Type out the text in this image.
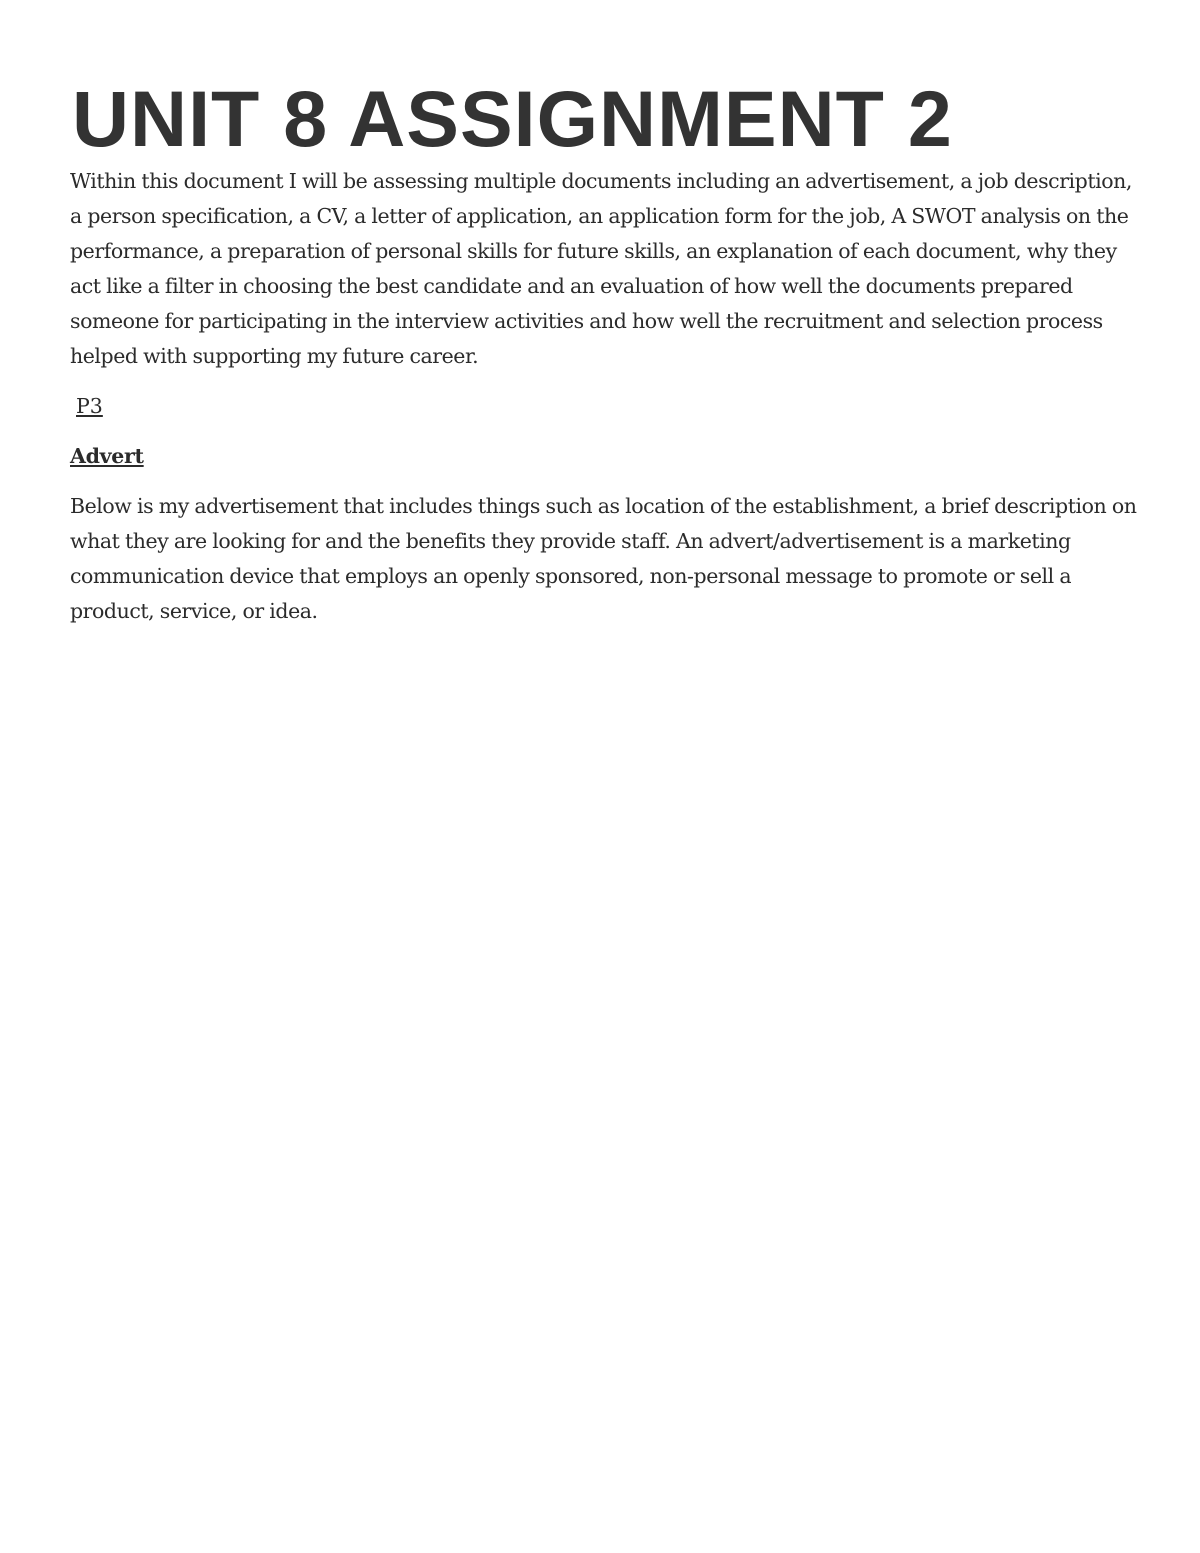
UNIT 8 ASSIGNMENT 2

Within this document I will be assessing multiple documents including an advertisement, a job description, a person specification, a CV, a letter of application, an application form for the job, A SWOT analysis on the performance, a preparation of personal skills for future skills, an explanation of each document, why they act like a filter in choosing the best candidate and an evaluation of how well the documents prepared someone for participating in the interview activities and how well the recruitment and selection process helped with supporting my future career.

P3

Advert

Below is my advertisement that includes things such as location of the establishment, a brief description on what they are looking for and the benefits they provide staff. An advert/advertisement is a marketing communication device that employs an openly sponsored, non-personal message to promote or sell a product, service, or idea.
